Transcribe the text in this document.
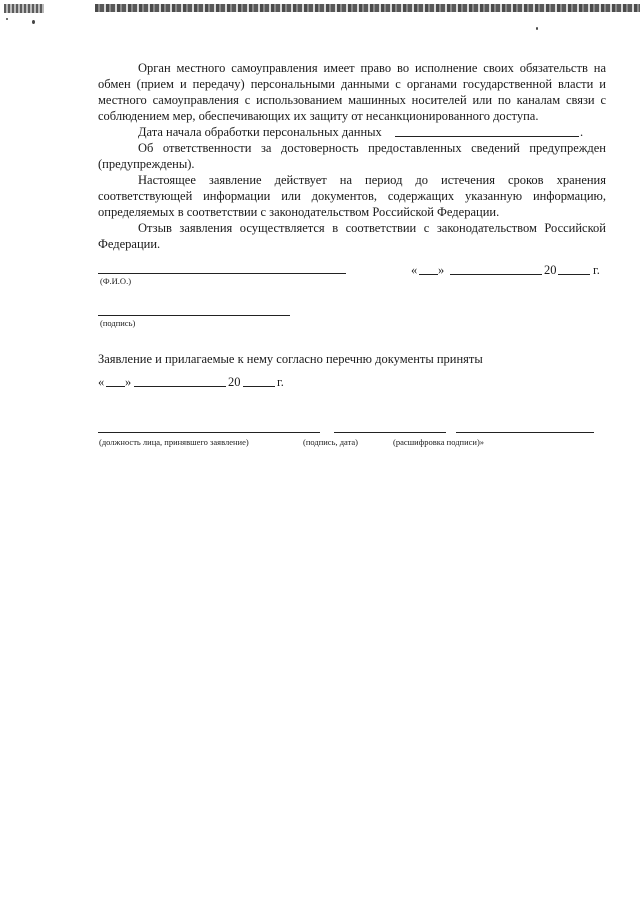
Орган местного самоуправления имеет право во исполнение своих обязательств на обмен (прием и передачу) персональными данными с органами государственной власти и местного самоуправления с использованием машинных носителей или по каналам связи с соблюдением мер, обеспечивающих их защиту от несанкционированного доступа.

Дата начала обработки персональных данных	.

Об ответственности за достоверность предоставленных сведений предупрежден (предупреждены).

Настоящее заявление действует на период до истечения сроков хранения соответствующей информации или документов, содержащих указанную информацию, определяемых в соответствии с законодательством Российской Федерации.

Отзыв заявления осуществляется в соответствии с законодательством Российской Федерации.

(Ф.И.О.)
« »	20	г.
(подпись)
Заявление и прилагаемые к нему согласно перечню документы приняты
« »	20	г.
(должность лица, принявшего заявление)	(подпись, дата)	(расшифровка подписи)»
